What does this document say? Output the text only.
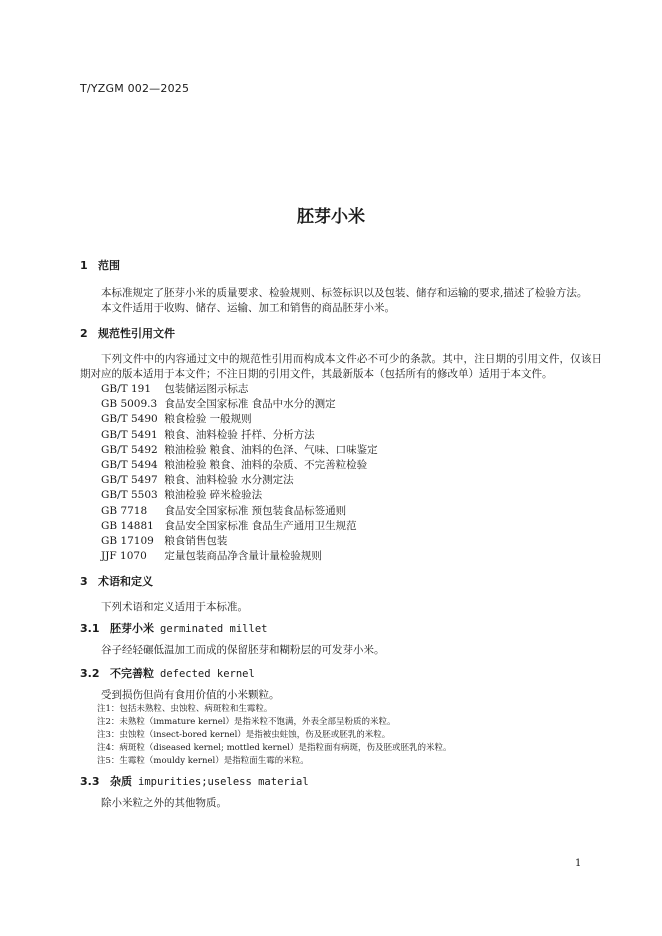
T/YZGM 002—2025
胚芽小米
1 范围
本标准规定了胚芽小米的质量要求、检验规则、标签标识以及包装、储存和运输的要求,描述了检验方法。
本文件适用于收购、储存、运输、加工和销售的商品胚芽小米。
2 规范性引用文件
下列文件中的内容通过文中的规范性引用而构成本文件必不可少的条款。其中，注日期的引用文件，仅该日期对应的版本适用于本文件；不注日期的引用文件，其最新版本（包括所有的修改单）适用于本文件。
GB/T 191 包装储运图示标志
GB 5009.3 食品安全国家标准 食品中水分的测定
GB/T 5490 粮食检验 一般规则
GB/T 5491 粮食、油料检验 扦样、分析方法
GB/T 5492 粮油检验 粮食、油料的色泽、气味、口味鉴定
GB/T 5494 粮油检验 粮食、油料的杂质、不完善粒检验
GB/T 5497 粮食、油料检验 水分测定法
GB/T 5503 粮油检验 碎米检验法
GB 7718 食品安全国家标准 预包装食品标签通则
GB 14881 食品安全国家标准 食品生产通用卫生规范
GB 17109 粮食销售包装
JJF 1070 定量包装商品净含量计量检验规则
3 术语和定义
下列术语和定义适用于本标准。
3.1 胚芽小米 germinated millet
谷子经轻碾低温加工而成的保留胚芽和糊粉层的可发芽小米。
3.2 不完善粒 defected kernel
受到损伤但尚有食用价值的小米颗粒。
注1：包括未熟粒、虫蚀粒、病斑粒和生霉粒。
注2：未熟粒（immature kernel）是指米粒不饱满，外表全部呈粉质的米粒。
注3：虫蚀粒（insect-bored kernel）是指被虫蛀蚀，伤及胚或胚乳的米粒。
注4：病斑粒（diseased kernel; mottled kernel）是指粒面有病斑，伤及胚或胚乳的米粒。
注5：生霉粒（mouldy kernel）是指粒面生霉的米粒。
3.3 杂质 impurities;useless material
除小米粒之外的其他物质。
1
